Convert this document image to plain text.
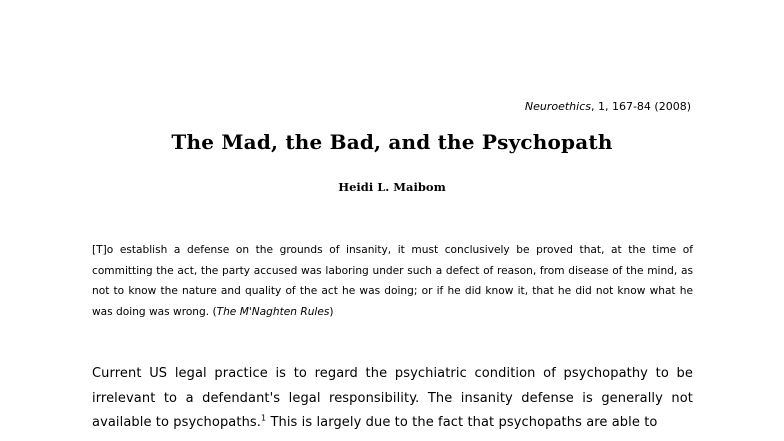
Neuroethics, 1, 167-84 (2008)
The Mad, the Bad, and the Psychopath
Heidi L. Maibom
[T]o establish a defense on the grounds of insanity, it must conclusively be proved that, at the time of committing the act, the party accused was laboring under such a defect of reason, from disease of the mind, as not to know the nature and quality of the act he was doing; or if he did know it, that he did not know what he was doing was wrong. (The M'Naghten Rules)
Current US legal practice is to regard the psychiatric condition of psychopathy to be irrelevant to a defendant's legal responsibility. The insanity defense is generally not available to psychopaths.$^1$ This is largely due to the fact that psychopaths are able to
